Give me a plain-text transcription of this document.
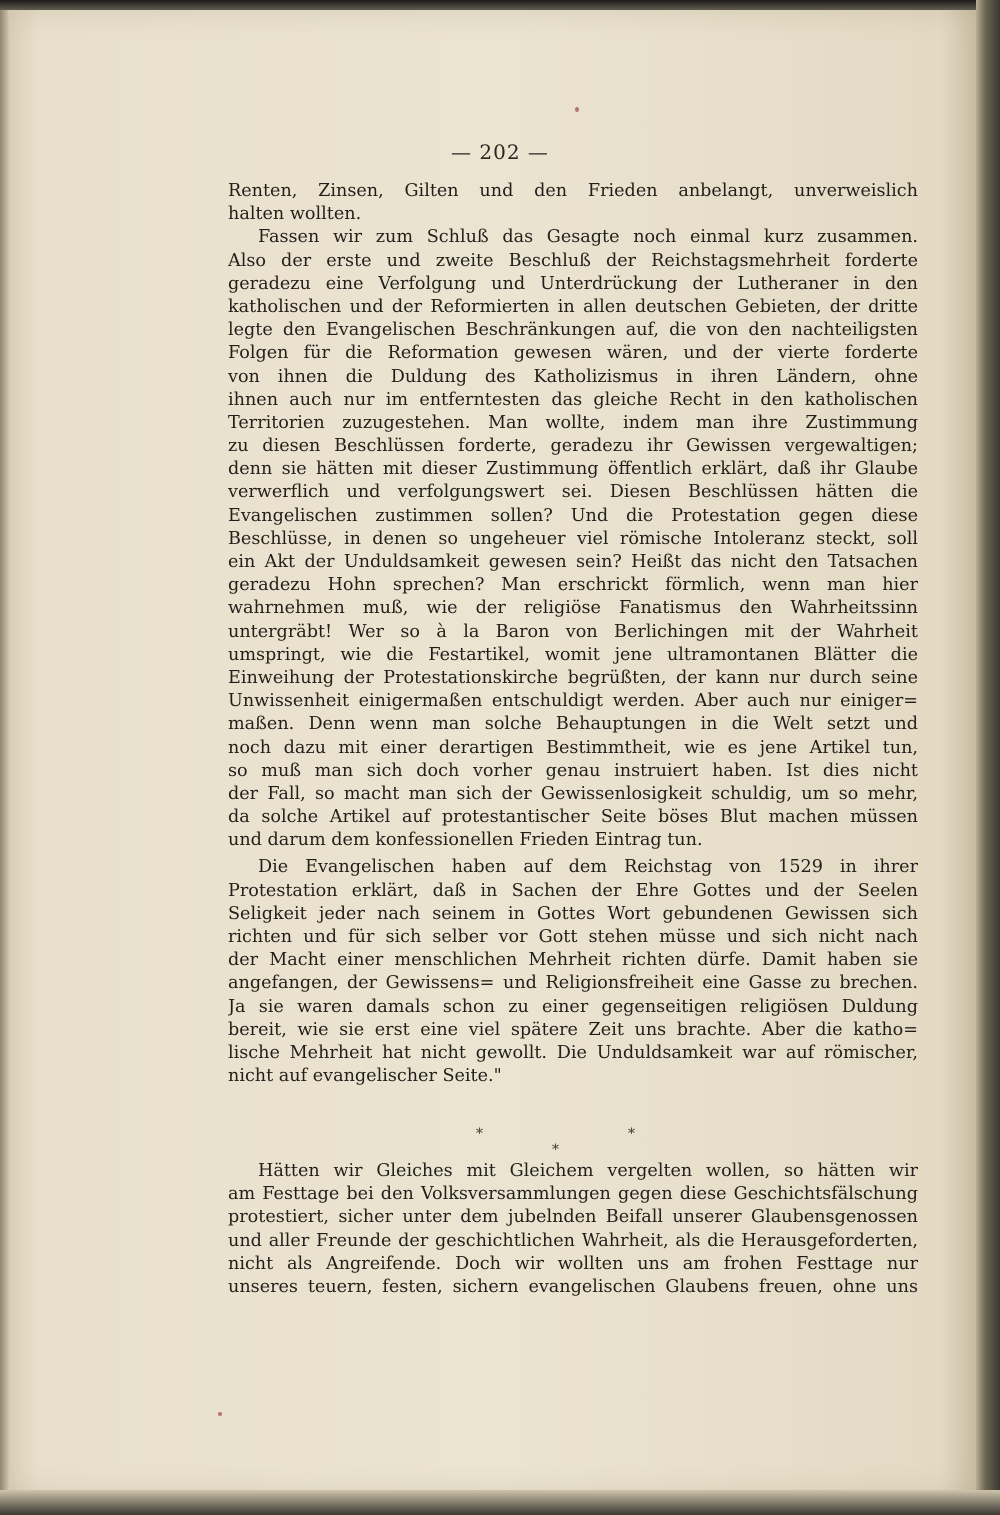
— 202 —
Renten, Zinsen, Gilten und den Frieden anbelangt, unverweislich
halten wollten.
Fassen wir zum Schluß das Gesagte noch einmal kurz zusammen.
Also der erste und zweite Beschluß der Reichstagsmehrheit forderte
geradezu eine Verfolgung und Unterdrückung der Lutheraner in den
katholischen und der Reformierten in allen deutschen Gebieten, der dritte
legte den Evangelischen Beschränkungen auf, die von den nachteiligsten
Folgen für die Reformation gewesen wären, und der vierte forderte
von ihnen die Duldung des Katholizismus in ihren Ländern, ohne
ihnen auch nur im entferntesten das gleiche Recht in den katholischen
Territorien zuzugestehen. Man wollte, indem man ihre Zustimmung
zu diesen Beschlüssen forderte, geradezu ihr Gewissen vergewaltigen;
denn sie hätten mit dieser Zustimmung öffentlich erklärt, daß ihr Glaube
verwerflich und verfolgungswert sei. Diesen Beschlüssen hätten die
Evangelischen zustimmen sollen? Und die Protestation gegen diese
Beschlüsse, in denen so ungeheuer viel römische Intoleranz steckt, soll
ein Akt der Unduldsamkeit gewesen sein? Heißt das nicht den Tatsachen
geradezu Hohn sprechen? Man erschrickt förmlich, wenn man hier
wahrnehmen muß, wie der religiöse Fanatismus den Wahrheitssinn
untergräbt! Wer so à la Baron von Berlichingen mit der Wahrheit
umspringt, wie die Festartikel, womit jene ultramontanen Blätter die
Einweihung der Protestationskirche begrüßten, der kann nur durch seine
Unwissenheit einigermaßen entschuldigt werden. Aber auch nur einiger=
maßen. Denn wenn man solche Behauptungen in die Welt setzt und
noch dazu mit einer derartigen Bestimmtheit, wie es jene Artikel tun,
so muß man sich doch vorher genau instruiert haben. Ist dies nicht
der Fall, so macht man sich der Gewissenlosigkeit schuldig, um so mehr,
da solche Artikel auf protestantischer Seite böses Blut machen müssen
und darum dem konfessionellen Frieden Eintrag tun.
Die Evangelischen haben auf dem Reichstag von 1529 in ihrer
Protestation erklärt, daß in Sachen der Ehre Gottes und der Seelen
Seligkeit jeder nach seinem in Gottes Wort gebundenen Gewissen sich
richten und für sich selber vor Gott stehen müsse und sich nicht nach
der Macht einer menschlichen Mehrheit richten dürfe. Damit haben sie
angefangen, der Gewissens= und Religionsfreiheit eine Gasse zu brechen.
Ja sie waren damals schon zu einer gegenseitigen religiösen Duldung
bereit, wie sie erst eine viel spätere Zeit uns brachte. Aber die katho=
lische Mehrheit hat nicht gewollt. Die Unduldsamkeit war auf römischer,
nicht auf evangelischer Seite."
*
*
*
Hätten wir Gleiches mit Gleichem vergelten wollen, so hätten wir
am Festtage bei den Volksversammlungen gegen diese Geschichtsfälschung
protestiert, sicher unter dem jubelnden Beifall unserer Glaubensgenossen
und aller Freunde der geschichtlichen Wahrheit, als die Herausgeforderten,
nicht als Angreifende. Doch wir wollten uns am frohen Festtage nur
unseres teuern, festen, sichern evangelischen Glaubens freuen, ohne uns
